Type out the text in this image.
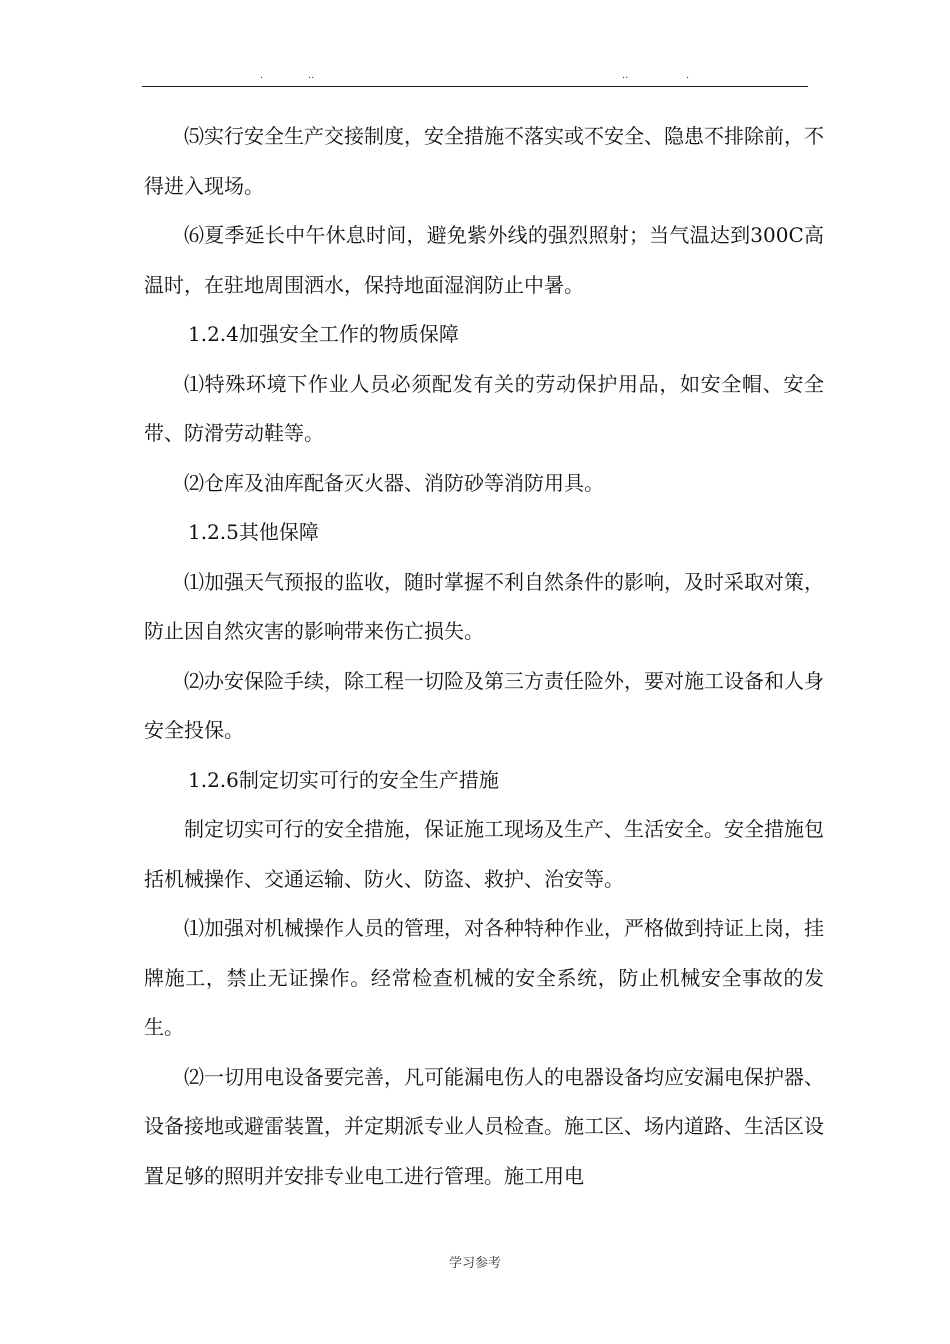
.	..	..	.

⑸实行安全生产交接制度，安全措施不落实或不安全、隐患不排除前，不得进入现场。

⑹夏季延长中午休息时间，避免紫外线的强烈照射；当气温达到300C高温时，在驻地周围洒水，保持地面湿润防止中暑。

1.2.4加强安全工作的物质保障

⑴特殊环境下作业人员必须配发有关的劳动保护用品，如安全帽、安全带、防滑劳动鞋等。

⑵仓库及油库配备灭火器、消防砂等消防用具。

1.2.5其他保障

⑴加强天气预报的监收，随时掌握不利自然条件的影响，及时采取对策，防止因自然灾害的影响带来伤亡损失。

⑵办安保险手续，除工程一切险及第三方责任险外，要对施工设备和人身安全投保。

1.2.6制定切实可行的安全生产措施

制定切实可行的安全措施，保证施工现场及生产、生活安全。安全措施包括机械操作、交通运输、防火、防盗、救护、治安等。

⑴加强对机械操作人员的管理，对各种特种作业，严格做到持证上岗，挂牌施工，禁止无证操作。经常检查机械的安全系统，防止机械安全事故的发生。

⑵一切用电设备要完善，凡可能漏电伤人的电器设备均应安漏电保护器、设备接地或避雷装置，并定期派专业人员检查。施工区、场内道路、生活区设置足够的照明并安排专业电工进行管理。施工用电

学习参考
